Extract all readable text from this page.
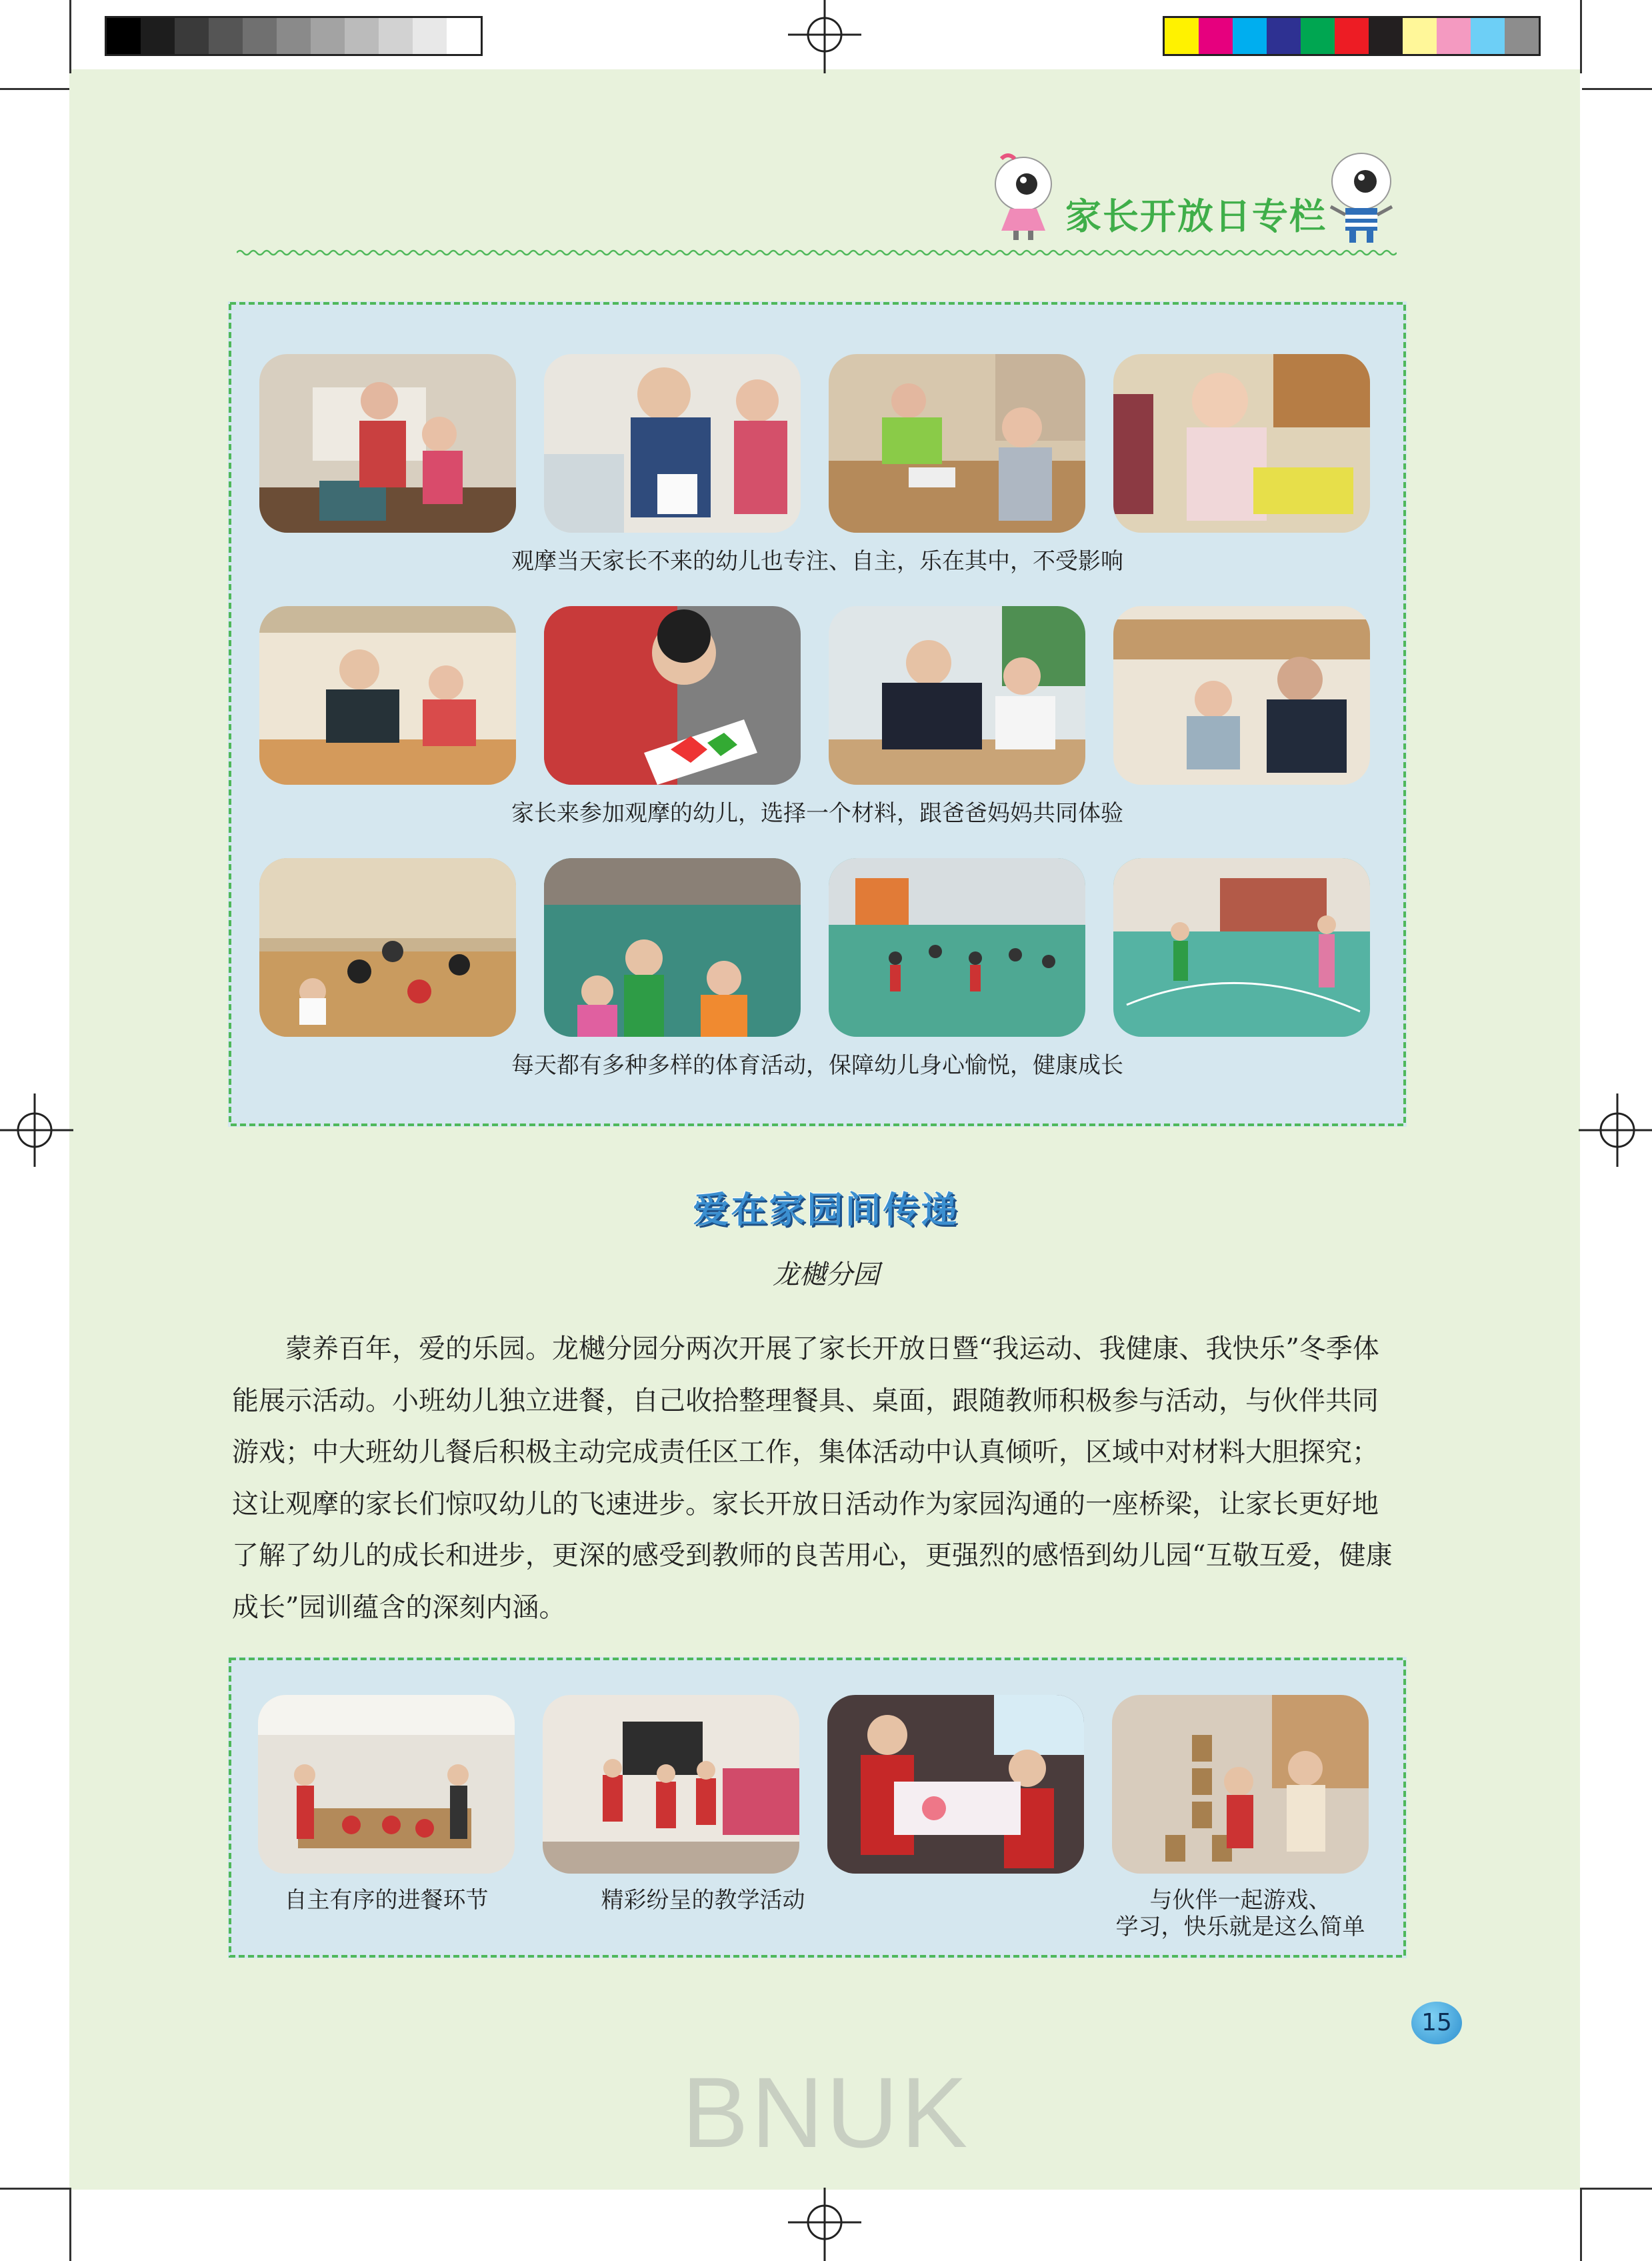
家长开放日专栏
观摩当天家长不来的幼儿也专注、自主，乐在其中，不受影响
家长来参加观摩的幼儿，选择一个材料，跟爸爸妈妈共同体验
每天都有多种多样的体育活动，保障幼儿身心愉悦，健康成长
爱在家园间传递
龙樾分园

蒙养百年，爱的乐园。龙樾分园分两次开展了家长开放日暨“我运动、我健康、我快乐”冬季体能展示活动。小班幼儿独立进餐，自己收拾整理餐具、桌面，跟随教师积极参与活动，与伙伴共同游戏；中大班幼儿餐后积极主动完成责任区工作，集体活动中认真倾听，区域中对材料大胆探究；这让观摩的家长们惊叹幼儿的飞速进步。家长开放日活动作为家园沟通的一座桥梁，让家长更好地了解了幼儿的成长和进步，更深的感受到教师的良苦用心，更强烈的感悟到幼儿园“互敬互爱，健康成长”园训蕴含的深刻内涵。

自主有序的进餐环节	精彩纷呈的教学活动	与伙伴一起游戏、
学习，快乐就是这么简单
15
BNUK
